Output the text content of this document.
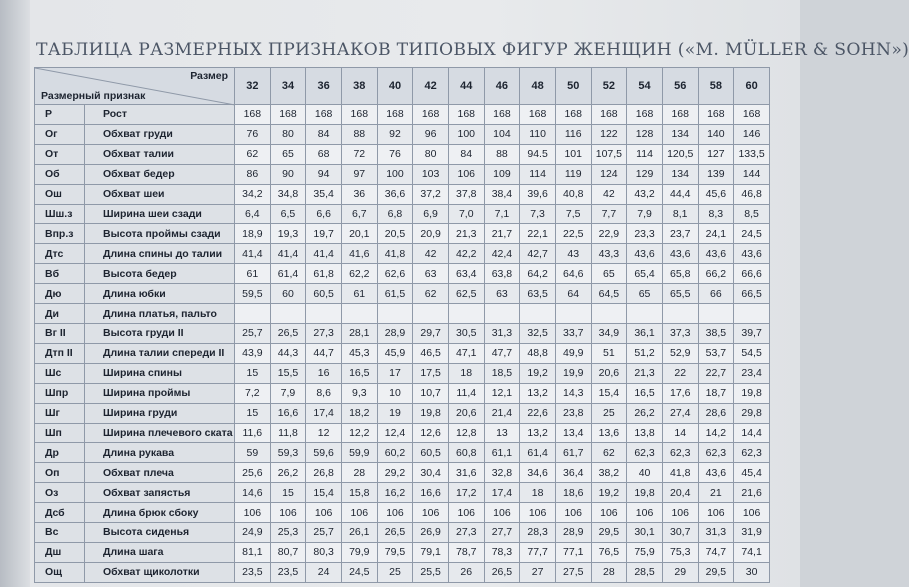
ТАБЛИЦА РАЗМЕРНЫХ ПРИЗНАКОВ ТИПОВЫХ ФИГУР ЖЕНЩИН («M. MÜLLER & SOHN»)
Размер
Размерный признак		32	34	36	38	40	42	44	46	48	50	52	54	56	58	60
Р	Рост	168	168	168	168	168	168	168	168	168	168	168	168	168	168	168
Ог	Обхват груди	76	80	84	88	92	96	100	104	110	116	122	128	134	140	146
От	Обхват талии	62	65	68	72	76	80	84	88	94.5	101	107,5	114	120,5	127	133,5
Об	Обхват бедер	86	90	94	97	100	103	106	109	114	119	124	129	134	139	144
Ош	Обхват шеи	34,2	34,8	35,4	36	36,6	37,2	37,8	38,4	39,6	40,8	42	43,2	44,4	45,6	46,8
Шш.з	Ширина шеи сзади	6,4	6,5	6,6	6,7	6,8	6,9	7,0	7,1	7,3	7,5	7,7	7,9	8,1	8,3	8,5
Впр.з	Высота проймы сзади	18,9	19,3	19,7	20,1	20,5	20,9	21,3	21,7	22,1	22,5	22,9	23,3	23,7	24,1	24,5
Дтс	Длина спины до талии	41,4	41,4	41,4	41,6	41,8	42	42,2	42,4	42,7	43	43,3	43,6	43,6	43,6	43,6
Вб	Высота бедер	61	61,4	61,8	62,2	62,6	63	63,4	63,8	64,2	64,6	65	65,4	65,8	66,2	66,6
Дю	Длина юбки	59,5	60	60,5	61	61,5	62	62,5	63	63,5	64	64,5	65	65,5	66	66,5
Ди	Длина платья, пальто															
Вг II	Высота груди II	25,7	26,5	27,3	28,1	28,9	29,7	30,5	31,3	32,5	33,7	34,9	36,1	37,3	38,5	39,7
Дтп II	Длина талии спереди II	43,9	44,3	44,7	45,3	45,9	46,5	47,1	47,7	48,8	49,9	51	51,2	52,9	53,7	54,5
Шс	Ширина спины	15	15,5	16	16,5	17	17,5	18	18,5	19,2	19,9	20,6	21,3	22	22,7	23,4
Шпр	Ширина проймы	7,2	7,9	8,6	9,3	10	10,7	11,4	12,1	13,2	14,3	15,4	16,5	17,6	18,7	19,8
Шг	Ширина груди	15	16,6	17,4	18,2	19	19,8	20,6	21,4	22,6	23,8	25	26,2	27,4	28,6	29,8
Шп	Ширина плечевого ската	11,6	11,8	12	12,2	12,4	12,6	12,8	13	13,2	13,4	13,6	13,8	14	14,2	14,4
Др	Длина рукава	59	59,3	59,6	59,9	60,2	60,5	60,8	61,1	61,4	61,7	62	62,3	62,3	62,3	62,3
Оп	Обхват плеча	25,6	26,2	26,8	28	29,2	30,4	31,6	32,8	34,6	36,4	38,2	40	41,8	43,6	45,4
Оз	Обхват запястья	14,6	15	15,4	15,8	16,2	16,6	17,2	17,4	18	18,6	19,2	19,8	20,4	21	21,6
Дсб	Длина брюк сбоку	106	106	106	106	106	106	106	106	106	106	106	106	106	106	106
Вс	Высота сиденья	24,9	25,3	25,7	26,1	26,5	26,9	27,3	27,7	28,3	28,9	29,5	30,1	30,7	31,3	31,9
Дш	Длина шага	81,1	80,7	80,3	79,9	79,5	79,1	78,7	78,3	77,7	77,1	76,5	75,9	75,3	74,7	74,1
Ощ	Обхват щиколотки	23,5	23,5	24	24,5	25	25,5	26	26,5	27	27,5	28	28,5	29	29,5	30
